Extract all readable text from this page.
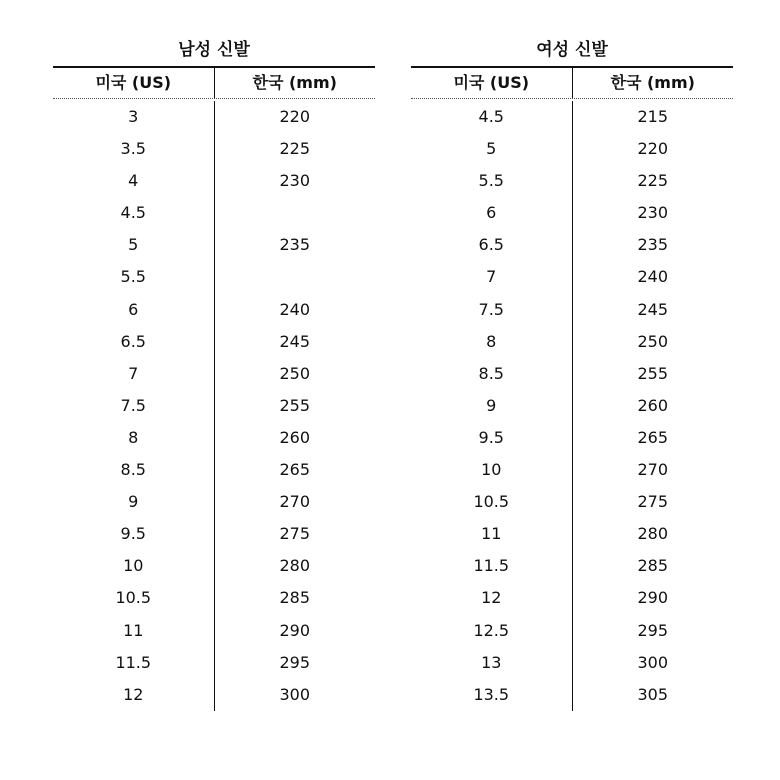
남성 신발
미국 (US)	한국 (mm)
3	220
3.5	225
4	230
4.5
5	235
5.5
6	240
6.5	245
7	250
7.5	255
8	260
8.5	265
9	270
9.5	275
10	280
10.5	285
11	290
11.5	295
12	300
여성 신발
미국 (US)	한국 (mm)
4.5	215
5	220
5.5	225
6	230
6.5	235
7	240
7.5	245
8	250
8.5	255
9	260
9.5	265
10	270
10.5	275
11	280
11.5	285
12	290
12.5	295
13	300
13.5	305
